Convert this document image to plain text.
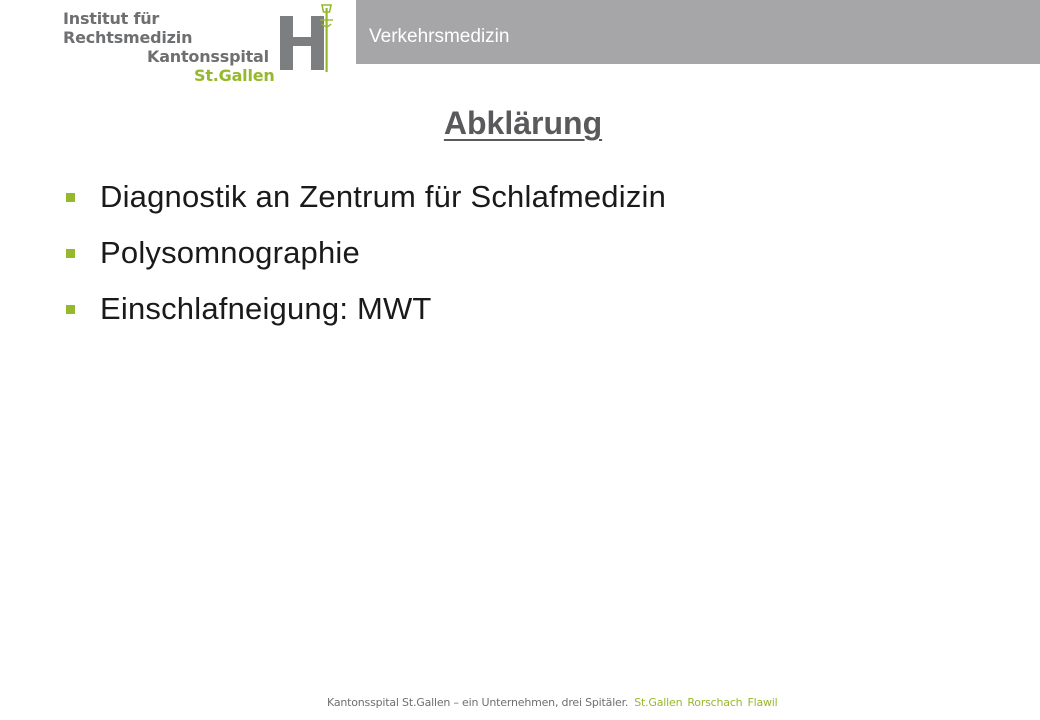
Institut für Rechtsmedizin
Kantonsspital
St.Gallen
Verkehrsmedizin
Abklärung
Diagnostik an Zentrum für Schlafmedizin
Polysomnographie
Einschlafneigung: MWT
Kantonsspital St.Gallen – ein Unternehmen, drei Spitäler. St.Gallen Rorschach Flawil
